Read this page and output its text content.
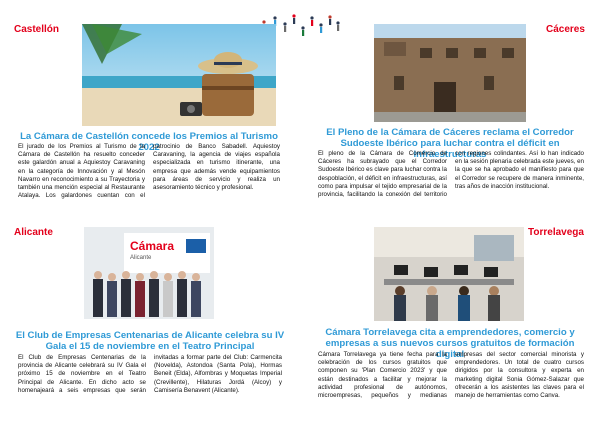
Castellón
La Cámara de Castellón concede los Premios al Turismo 2022

El jurado de los Premios al Turismo de la Cámara de Castellón ha resuelto conceder este galardón anual a Aquiestoy Caravaning en la categoría de Innovación y al Mesón Navarro en reconocimiento a su Trayectoria y también una mención especial al Restaurante Atalaya. Los galardones cuentan con el patrocinio de Banco Sabadell. Aquiestoy Caravaning, la agencia de viajes española especializada en turismo itinerante, una empresa que además vende equipamientos para áreas de servicio y realiza un asesoramiento técnico y profesional.

Cáceres
El Pleno de la Cámara de Cáceres reclama el Corredor Sudoeste Ibérico para luchar contra el déficit en infraestructuras

El pleno de la Cámara de Comercio de Cáceres ha subrayado que el Corredor Sudoeste Ibérico es clave para luchar contra la despoblación, el déficit en infraestructuras, así como para impulsar el tejido empresarial de la provincia, facilitando la conexión del territorio con regiones colindantes. Así lo han indicado en la sesión plenaria celebrada este jueves, en la que se ha aprobado el manifiesto para que el Corredor se recupere de manera inminente, tras años de inacción institucional.

Alicante
Cámara
Alicante
El Club de Empresas Centenarias de Alicante celebra su IV Gala el 15 de noviembre en el Teatro Principal

El Club de Empresas Centenarias de la provincia de Alicante celebrará su IV Gala el próximo 15 de noviembre en el Teatro Principal de Alicante. En dicho acto se homenajeará a seis empresas que serán invitadas a formar parte del Club: Carmencita (Novelda), Astondoa (Santa Pola), Hormas Beneit (Elda), Alfombras y Moquetas Imperial (Crevillente), Hilaturas Jordá (Alcoy) y Camisería Benavent (Alicante).

Torrelavega
Cámara Torrelavega cita a emprendedores, comercio y empresas a sus nuevos cursos gratuitos de formación digital

Cámara Torrelavega ya tiene fecha para la celebración de los cursos gratuitos que componen su 'Plan Comercio 2023' y que están destinados a facilitar y mejorar la actividad profesional de autónomos, microempresas, pequeños y medianas empresas del sector comercial minorista y emprendedores. Un total de cuatro cursos dirigidos por la consultora y experta en marketing digital Sonia Gómez-Salazar que ofrecerán a los asistentes las claves para el manejo de herramientas como Canva.
